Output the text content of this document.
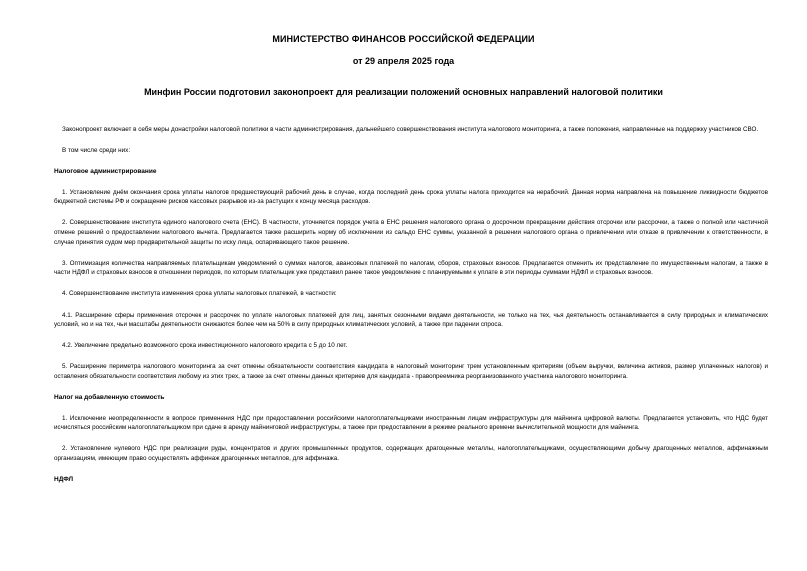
МИНИСТЕРСТВО ФИНАНСОВ РОССИЙСКОЙ ФЕДЕРАЦИИ
от 29 апреля 2025 года
Минфин России подготовил законопроект для реализации положений основных направлений налоговой политики

Законопроект включает в себя меры донастройки налоговой политики в части администрирования, дальнейшего совершенствования института налогового мониторинга, а также положения, направленные на поддержку участников СВО.

В том числе среди них:

Налоговое администрирование

1. Установление днём окончания срока уплаты налогов предшествующий рабочий день в случае, когда последний день срока уплаты налога приходится на нерабочий. Данная норма направлена на повышение ликвидности бюджетов бюджетной системы РФ и сокращение рисков кассовых разрывов из-за растущих к концу месяца расходов.

2. Совершенствование института единого налогового счета (ЕНС). В частности, уточняется порядок учета в ЕНС решения налогового органа о досрочном прекращении действия отсрочки или рассрочки, а также о полной или частичной отмене решений о предоставлении налогового вычета. Предлагается также расширить норму об исключении из сальдо ЕНС суммы, указанной в решении налогового органа о привлечении или отказе в привлечении к ответственности, в случае принятия судом мер предварительной защиты по иску лица, оспаривающего такое решение.

3. Оптимизация количества направляемых плательщикам уведомлений о суммах налогов, авансовых платежей по налогам, сборов, страховых взносов. Предлагается отменить их представление по имущественным налогам, а также в части НДФЛ и страховых взносов в отношении периодов, по которым плательщик уже представил ранее такое уведомление с планируемыми к уплате в эти периоды суммами НДФЛ и страховых взносов.

4. Совершенствование института изменения срока уплаты налоговых платежей, в частности:

4.1. Расширение сферы применения отсрочек и рассрочек по уплате налоговых платежей для лиц, занятых сезонными видами деятельности, не только на тех, чья деятельность останавливается в силу природных и климатических условий, но и на тех, чьи масштабы деятельности снижаются более чем на 50% в силу природных климатических условий, а также при падении спроса.

4.2. Увеличение предельно возможного срока инвестиционного налогового кредита с 5 до 10 лет.

5. Расширение периметра налогового мониторинга за счет отмены обязательности соответствия кандидата в налоговый мониторинг трем установленным критериям (объем выручки, величина активов, размер уплаченных налогов) и оставления обязательности соответствия любому из этих трех, а также за счет отмены данных критериев для кандидата - правопреемника реорганизованного участника налогового мониторинга.

Налог на добавленную стоимость

1. Исключение неопределенности в вопросе применения НДС при предоставлении российскими налогоплательщиками иностранным лицам инфраструктуры для майнинга цифровой валюты. Предлагается установить, что НДС будет исчисляться российским налогоплательщиком при сдаче в аренду майнинговой инфраструктуры, а также при предоставлении в режиме реального времени вычислительной мощности для майнинга.

2. Установление нулевого НДС при реализации руды, концентратов и других промышленных продуктов, содержащих драгоценные металлы, налогоплательщиками, осуществляющими добычу драгоценных металлов, аффинажным организациям, имеющим право осуществлять аффинаж драгоценных металлов, для аффинажа.

НДФЛ
